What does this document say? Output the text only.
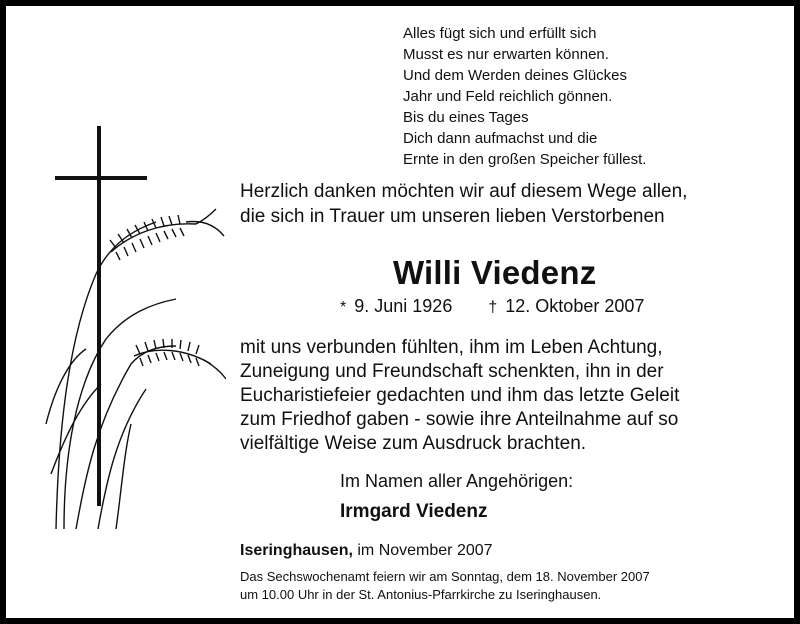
Alles fügt sich und erfüllt sich
Musst es nur erwarten können.
Und dem Werden deines Glückes
Jahr und Feld reichlich gönnen.
Bis du eines Tages
Dich dann aufmachst und die
Ernte in den großen Speicher füllest.
Herzlich danken möchten wir auf diesem Wege allen,
die sich in Trauer um unseren lieben Verstorbenen
Willi Viedenz
* 9. Juni 1926 † 12. Oktober 2007
mit uns verbunden fühlten, ihm im Leben Achtung,
Zuneigung und Freundschaft schenkten, ihn in der
Eucharistiefeier gedachten und ihm das letzte Geleit
zum Friedhof gaben - sowie ihre Anteilnahme auf so
vielfältige Weise zum Ausdruck brachten.
Im Namen aller Angehörigen:
Irmgard Viedenz
Iseringhausen, im November 2007
Das Sechswochenamt feiern wir am Sonntag, dem 18. November 2007
um 10.00 Uhr in der St. Antonius-Pfarrkirche zu Iseringhausen.
